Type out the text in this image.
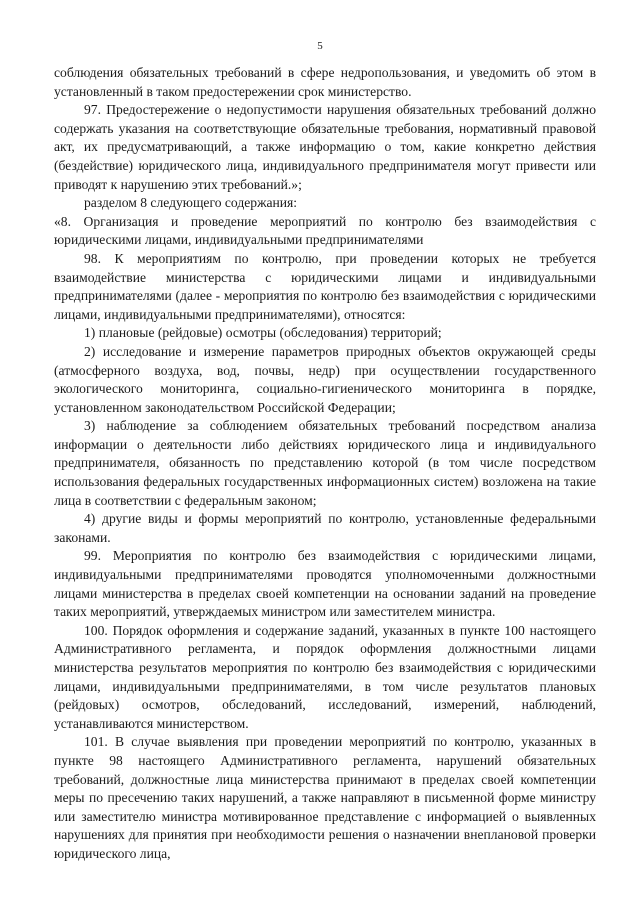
5

соблюдения обязательных требований в сфере недропользования, и уведомить об этом в установленный в таком предостережении срок министерство.

97. Предостережение о недопустимости нарушения обязательных требований должно содержать указания на соответствующие обязательные требования, нормативный правовой акт, их предусматривающий, а также информацию о том, какие конкретно действия (бездействие) юридического лица, индивидуального предпринимателя могут привести или приводят к нарушению этих требований.»;

разделом 8 следующего содержания:

«8. Организация и проведение мероприятий по контролю без взаимодействия с юридическими лицами, индивидуальными предпринимателями

98. К мероприятиям по контролю, при проведении которых не требуется взаимодействие министерства с юридическими лицами и индивидуальными предпринимателями (далее - мероприятия по контролю без взаимодействия с юридическими лицами, индивидуальными предпринимателями), относятся:

1) плановые (рейдовые) осмотры (обследования) территорий;

2) исследование и измерение параметров природных объектов окружающей среды (атмосферного воздуха, вод, почвы, недр) при осуществлении государственного экологического мониторинга, социально-гигиенического мониторинга в порядке, установленном законодательством Российской Федерации;

3) наблюдение за соблюдением обязательных требований посредством анализа информации о деятельности либо действиях юридического лица и индивидуального предпринимателя, обязанность по представлению которой (в том числе посредством использования федеральных государственных информационных систем) возложена на такие лица в соответствии с федеральным законом;

4) другие виды и формы мероприятий по контролю, установленные федеральными законами.

99. Мероприятия по контролю без взаимодействия с юридическими лицами, индивидуальными предпринимателями проводятся уполномоченными должностными лицами министерства в пределах своей компетенции на основании заданий на проведение таких мероприятий, утверждаемых министром или заместителем министра.

100. Порядок оформления и содержание заданий, указанных в пункте 100 настоящего Административного регламента, и порядок оформления должностными лицами министерства результатов мероприятия по контролю без взаимодействия с юридическими лицами, индивидуальными предпринимателями, в том числе результатов плановых (рейдовых) осмотров, обследований, исследований, измерений, наблюдений, устанавливаются министерством.

101. В случае выявления при проведении мероприятий по контролю, указанных в пункте 98 настоящего Административного регламента, нарушений обязательных требований, должностные лица министерства принимают в пределах своей компетенции меры по пресечению таких нарушений, а также направляют в письменной форме министру или заместителю министра мотивированное представление с информацией о выявленных нарушениях для принятия при необходимости решения о назначении внеплановой проверки юридического лица,
